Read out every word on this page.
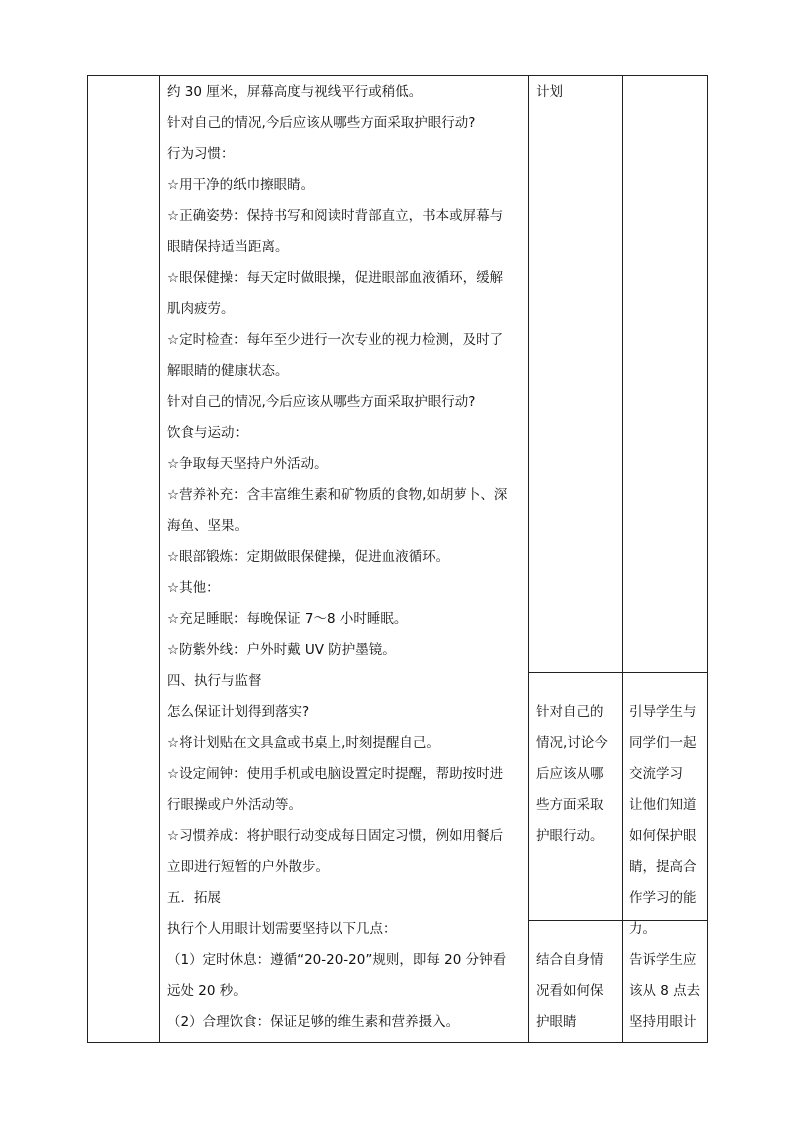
约 30 厘米，屏幕高度与视线平行或稍低。
针对自己的情况,今后应该从哪些方面采取护眼行动?
行为习惯：
☆用干净的纸巾擦眼睛。
☆正确姿势：保持书写和阅读时背部直立，书本或屏幕与
眼睛保持适当距离。
☆眼保健操：每天定时做眼操，促进眼部血液循环，缓解
肌肉疲劳。
☆定时检查：每年至少进行一次专业的视力检测，及时了
解眼睛的健康状态。
针对自己的情况,今后应该从哪些方面采取护眼行动?
饮食与运动：
☆争取每天坚持户外活动。
☆营养补充：含丰富维生素和矿物质的食物,如胡萝卜、深
海鱼、坚果。
☆眼部锻炼：定期做眼保健操，促进血液循环。
☆其他：
☆充足睡眠：每晚保证 7～8 小时睡眠。
☆防紫外线：户外时戴 UV 防护墨镜。
四、执行与监督
怎么保证计划得到落实?
☆将计划贴在文具盒或书桌上,时刻提醒自己。
☆设定闹钟：使用手机或电脑设置定时提醒，帮助按时进
行眼操或户外活动等。
☆习惯养成：将护眼行动变成每日固定习惯，例如用餐后
立即进行短暂的户外散步。
五．拓展
执行个人用眼计划需要坚持以下几点：
（1）定时休息：遵循“20-20-20”规则，即每 20 分钟看
远处 20 秒。
（2）合理饮食：保证足够的维生素和营养摄入。
计划
针对自己的
情况,讨论今
后应该从哪
些方面采取
护眼行动。
结合自身情
况看如何保
护眼睛
引导学生与
同学们一起
交流学习
让他们知道
如何保护眼
睛，提高合
作学习的能
力。
告诉学生应
该从 8 点去
坚持用眼计
